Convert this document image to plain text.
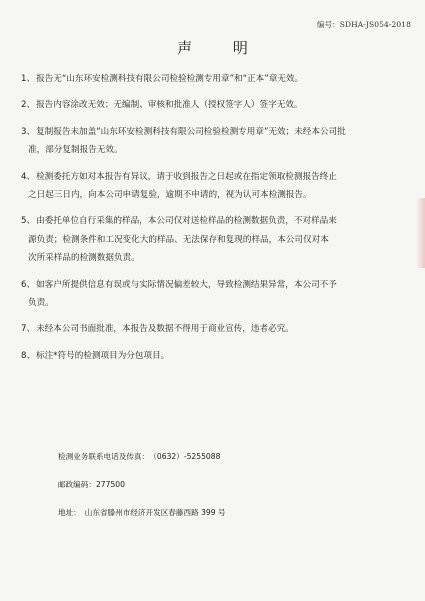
编号：SDHA-JS054-2018
声 明
1、报告无“山东环安检测科技有限公司检验检测专用章”和“正本”章无效。
2、报告内容涂改无效；无编制、审核和批准人（授权签字人）签字无效。
3、复制报告未加盖“山东环安检测科技有限公司检验检测专用章”无效；未经本公司批
准，部分复制报告无效。
4、检测委托方如对本报告有异议，请于收到报告之日起或在指定领取检测报告终止
之日起三日内，向本公司申请复验，逾期不申请的，视为认可本检测报告。
5、由委托单位自行采集的样品，本公司仅对送检样品的检测数据负责，不对样品来
源负责；检测条件和工况变化大的样品、无法保存和复现的样品，本公司仅对本
次所采样品的检测数据负责。
6、如客户所提供信息有误或与实际情况偏差较大，导致检测结果异常，本公司不予
负责。
7、未经本公司书面批准，本报告及数据不得用于商业宣传，违者必究。
8、标注*符号的检测项目为分包项目。
检测业务联系电话及传真： （0632）-5255088
邮政编码：277500
地址： 山东省滕州市经济开发区春藤西路 399 号
